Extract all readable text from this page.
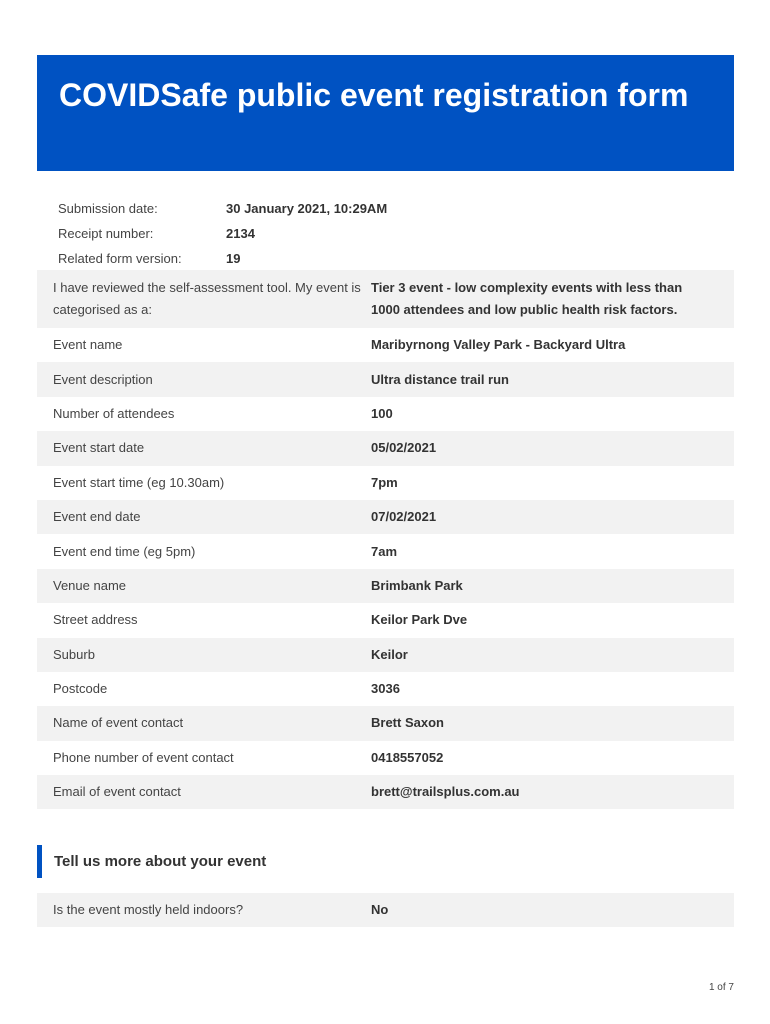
COVIDSafe public event registration form
Submission date:	30 January 2021, 10:29AM
Receipt number:	2134
Related form version:	19
I have reviewed the self-assessment tool. My event is categorised as a:
Tier 3 event - low complexity events with less than 1000 attendees and low public health risk factors.
Event name	Maribyrnong Valley Park - Backyard Ultra
Event description	Ultra distance trail run
Number of attendees	100
Event start date	05/02/2021
Event start time (eg 10.30am)	7pm
Event end date	07/02/2021
Event end time (eg 5pm)	7am
Venue name	Brimbank Park
Street address	Keilor Park Dve
Suburb	Keilor
Postcode	3036
Name of event contact	Brett Saxon
Phone number of event contact	0418557052
Email of event contact	brett@trailsplus.com.au
Tell us more about your event
Is the event mostly held indoors?	No
1 of 7
